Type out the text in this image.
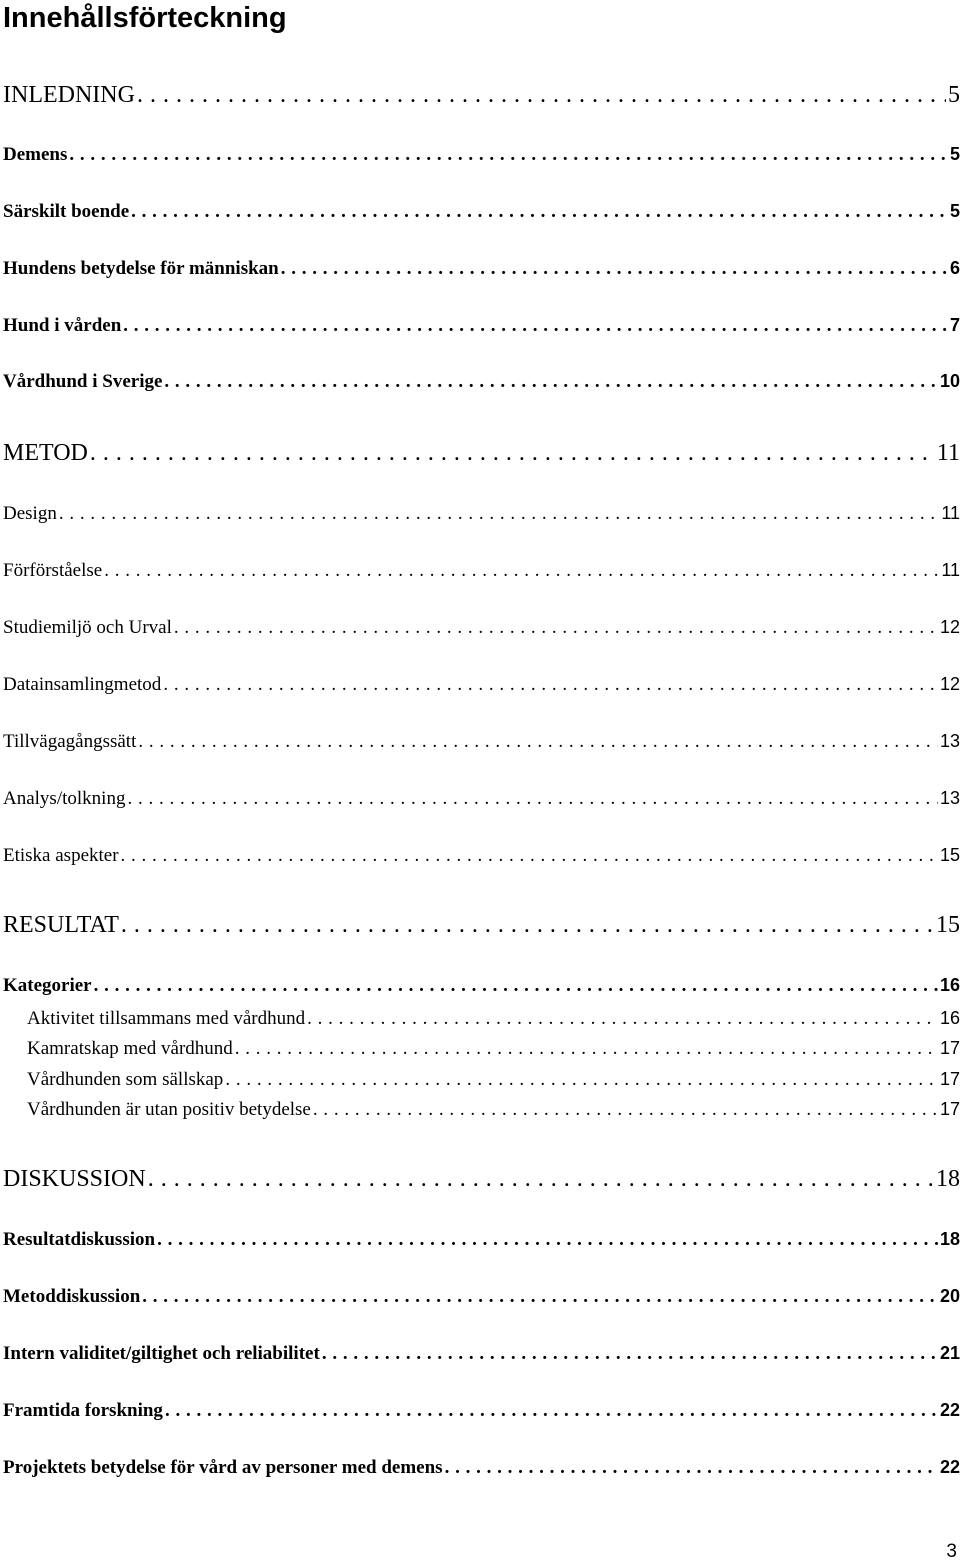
Innehållsförteckning
INLEDNING . . .	5
Demens . . .	5
Särskilt boende . . .	5
Hundens betydelse för människan . . .	6
Hund i vården . . .	7
Vårdhund i Sverige . . .	10
METOD . . .	11
Design . . .	11
Förförståelse . . .	11
Studiemiljö och Urval . . .	12
Datainsamlingmetod . . .	12
Tillvägagångssätt . . .	13
Analys/tolkning . . .	13
Etiska aspekter . . .	15
RESULTAT . . .	15
Kategorier . . .	16
Aktivitet tillsammans med vårdhund . . .	16
Kamratskap med vårdhund . . .	17
Vårdhunden som sällskap . . .	17
Vårdhunden är utan positiv betydelse . . .	17
DISKUSSION . . .	18
Resultatdiskussion . . .	18
Metoddiskussion . . .	20
Intern validitet/giltighet och reliabilitet . . .	21
Framtida forskning . . .	22
Projektets betydelse för vård av personer med demens . . .	22
3
